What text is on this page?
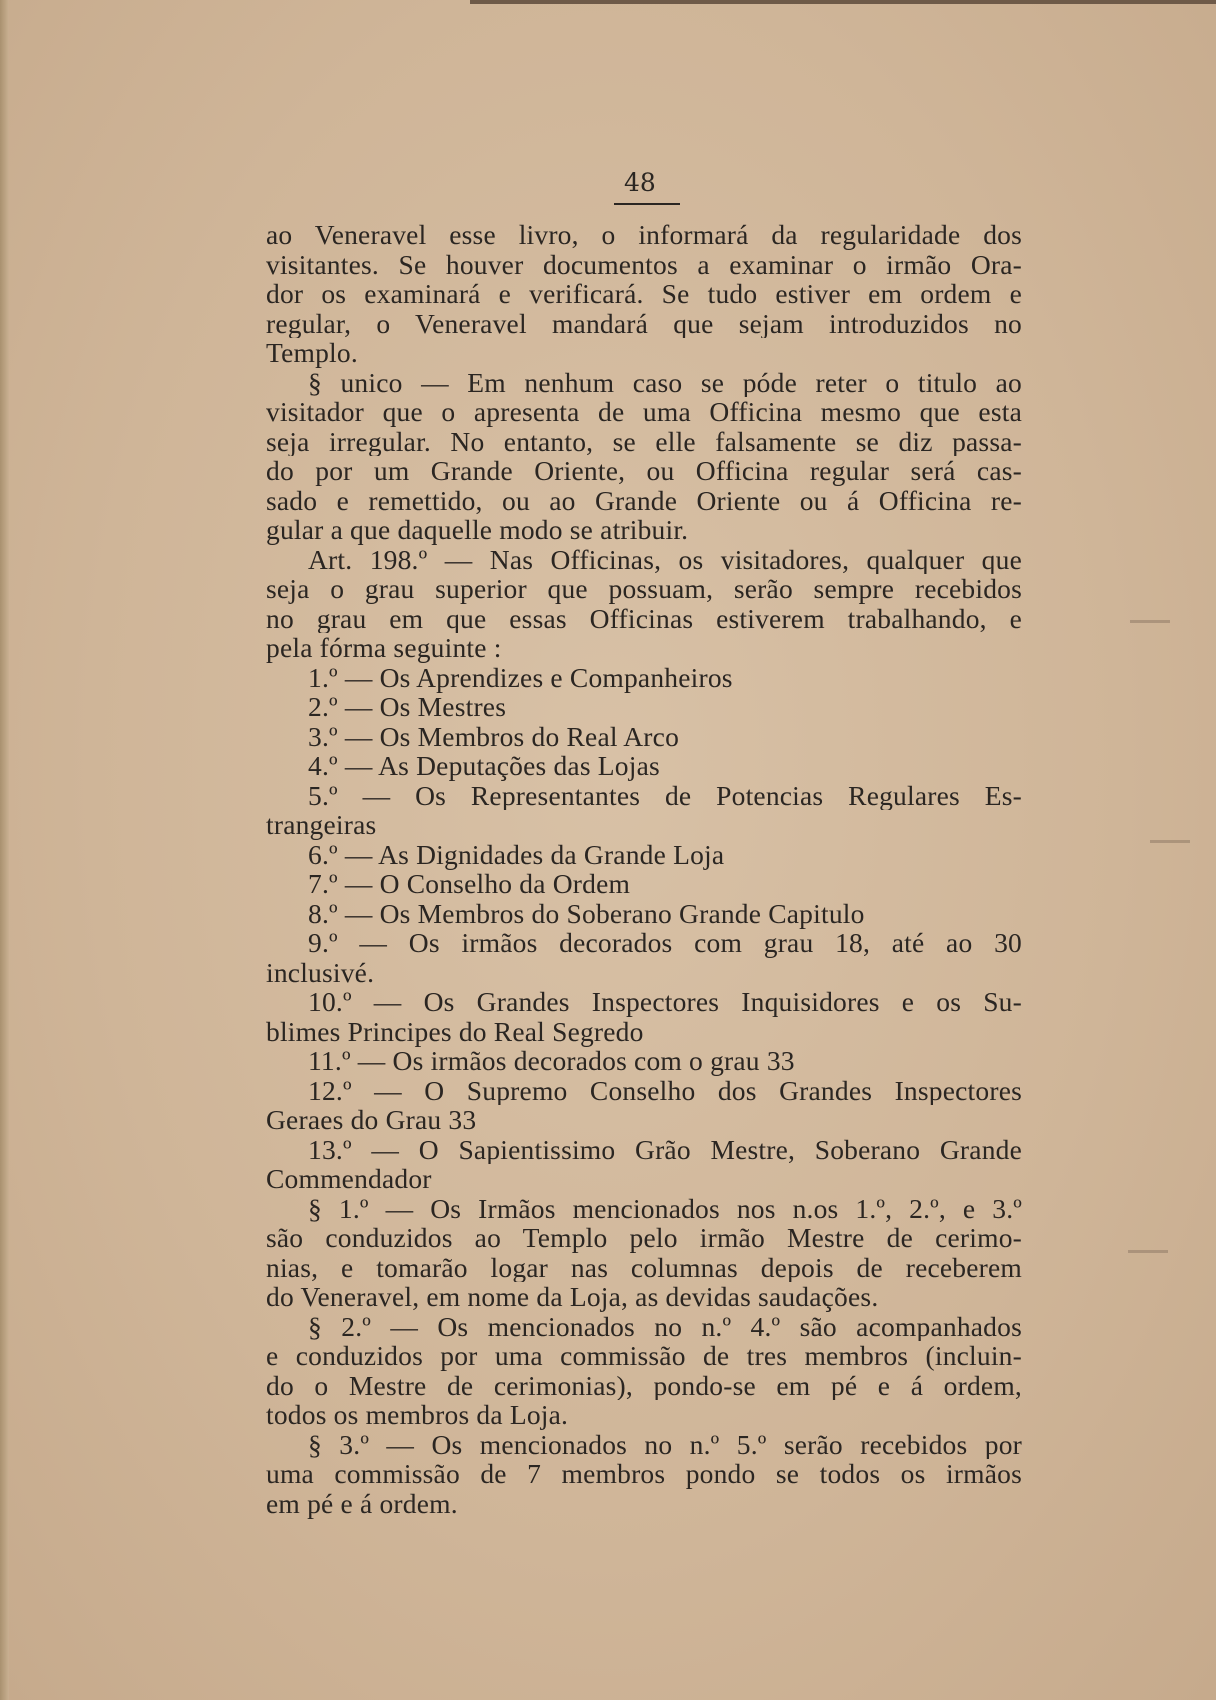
48

ao Veneravel esse livro, o informará da regularidade dos
visitantes. Se houver documentos a examinar o irmão Ora-
dor os examinará e verificará. Se tudo estiver em ordem e
regular, o Veneravel mandará que sejam introduzidos no
Templo.
§ unico — Em nenhum caso se póde reter o titulo ao
visitador que o apresenta de uma Officina mesmo que esta
seja irregular. No entanto, se elle falsamente se diz passa-
do por um Grande Oriente, ou Officina regular será cas-
sado e remettido, ou ao Grande Oriente ou á Officina re-
gular a que daquelle modo se atribuir.
Art. 198.º — Nas Officinas, os visitadores, qualquer que
seja o grau superior que possuam, serão sempre recebidos
no grau em que essas Officinas estiverem trabalhando, e
pela fórma seguinte :
1.º — Os Aprendizes e Companheiros
2.º — Os Mestres
3.º — Os Membros do Real Arco
4.º — As Deputações das Lojas
5.º — Os Representantes de Potencias Regulares Es-
trangeiras
6.º — As Dignidades da Grande Loja
7.º — O Conselho da Ordem
8.º — Os Membros do Soberano Grande Capitulo
9.º — Os irmãos decorados com grau 18, até ao 30
inclusivé.
10.º — Os Grandes Inspectores Inquisidores e os Su-
blimes Principes do Real Segredo
11.º — Os irmãos decorados com o grau 33
12.º — O Supremo Conselho dos Grandes Inspectores
Geraes do Grau 33
13.º — O Sapientissimo Grão Mestre, Soberano Grande
Commendador
§ 1.º — Os Irmãos mencionados nos n.os 1.º, 2.º, e 3.º
são conduzidos ao Templo pelo irmão Mestre de cerimo-
nias, e tomarão logar nas columnas depois de receberem
do Veneravel, em nome da Loja, as devidas saudações.
§ 2.º — Os mencionados no n.º 4.º são acompanhados
e conduzidos por uma commissão de tres membros (incluin-
do o Mestre de cerimonias), pondo-se em pé e á ordem,
todos os membros da Loja.
§ 3.º — Os mencionados no n.º 5.º serão recebidos por
uma commissão de 7 membros pondo se todos os irmãos
em pé e á ordem.
